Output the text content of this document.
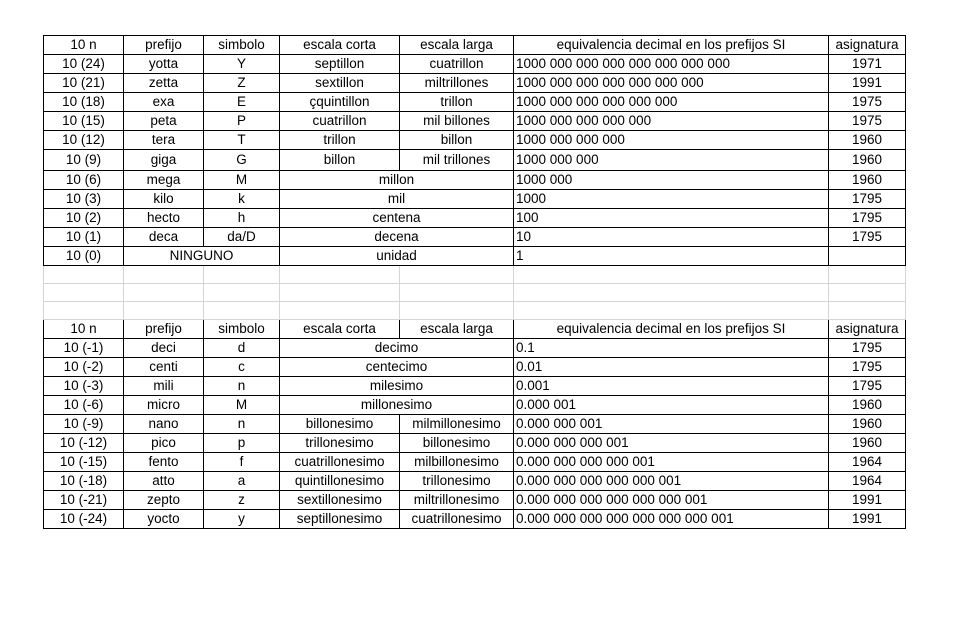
10 n	prefijo	simbolo	escala corta	escala larga	equivalencia decimal en los prefijos SI	asignatura
10 (24)	yotta	Y	septillon	cuatrillon	1000 000 000 000 000 000 000 000	1971
10 (21)	zetta	Z	sextillon	miltrillones	1000 000 000 000 000 000 000	1991
10 (18)	exa	E	çquintillon	trillon	1000 000 000 000 000 000	1975
10 (15)	peta	P	cuatrillon	mil billones	1000 000 000 000 000	1975
10 (12)	tera	T	trillon	billon	1000 000 000 000	1960
10 (9)	giga	G	billon	mil trillones	1000 000 000	1960
10 (6)	mega	M	millon		1000 000	1960
10 (3)	kilo	k	mil		1000	1795
10 (2)	hecto	h	centena		100	1795
10 (1)	deca	da/D	decena		10	1795
10 (0)	NINGUNO		unidad		1	

10 n	prefijo	simbolo	escala corta	escala larga	equivalencia decimal en los prefijos SI	asignatura
10 (-1)	deci	d	decimo		0.1	1795
10 (-2)	centi	c	centecimo		0.01	1795
10 (-3)	mili	n	milesimo		0.001	1795
10 (-6)	micro	M	millonesimo		0.000 001	1960
10 (-9)	nano	n	billonesimo	milmillonesimo	0.000 000 001	1960
10 (-12)	pico	p	trillonesimo	billonesimo	0.000 000 000 001	1960
10 (-15)	fento	f	cuatrillonesimo	milbillonesimo	0.000 000 000 000 001	1964
10 (-18)	atto	a	quintillonesimo	trillonesimo	0.000 000 000 000 000 001	1964
10 (-21)	zepto	z	sextillonesimo	miltrillonesimo	0.000 000 000 000 000 000 001	1991
10 (-24)	yocto	y	septillonesimo	cuatrillonesimo	0.000 000 000 000 000 000 000 001	1991
